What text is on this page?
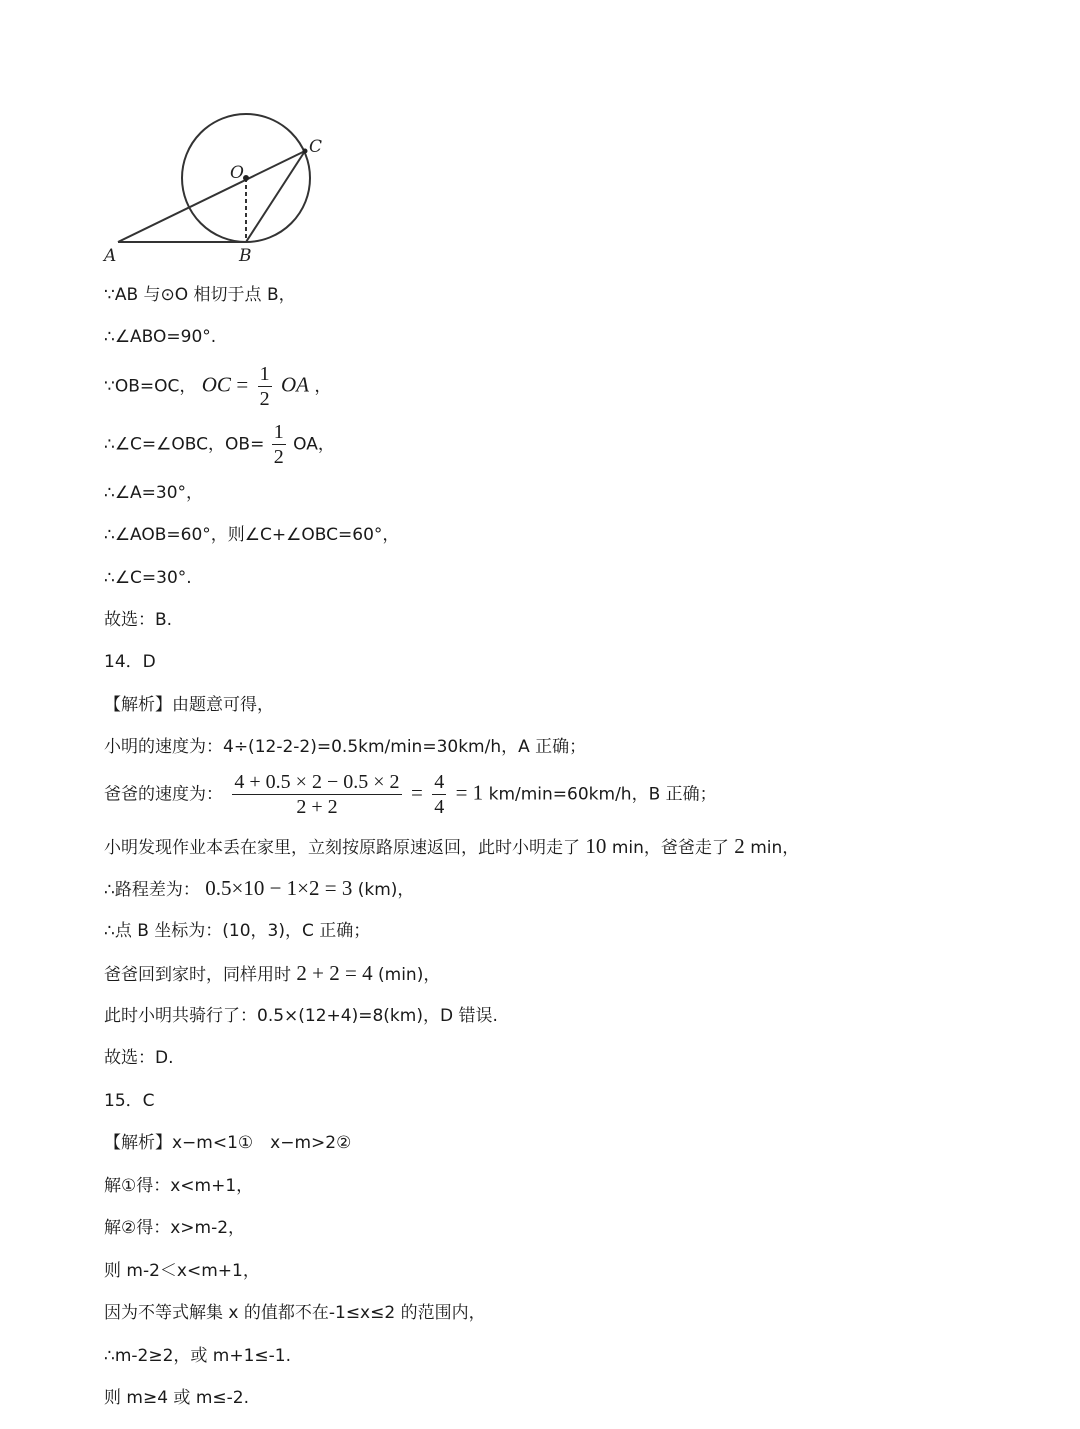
O
C
A	B
∵AB 与⊙O 相切于点 B，
∴∠ABO=90°.
∵OB=OC， OC = $\frac{1}{2}$ OA ，
∴∠C=∠OBC，$OB= \frac{1}{2}$ OA，
∴∠A=30°，
∴∠AOB=60°，则∠C+∠OBC=60°，
∴∠C=30°.
故选：B.
14．D
【解析】由题意可得，
小明的速度为：4÷(12-2-2)=0.5km/min=30km/h，A 正确；
爸爸的速度为： $\frac{4 + 0.5 \times 2 - 0.5 \times 2}{2 + 2} = \frac{4}{4} = 1$ km/min=60km/h，B 正确；
小明发现作业本丢在家里，立刻按原路原速返回，此时小明走了 10 min，爸爸走了 2 min，
∴路程差为： 0.5×10 − 1×2 = 3 (km)，
∴点 B 坐标为：(10，3)，C 正确；
爸爸回到家时，同样用时 2 + 2 = 4 (min)，
此时小明共骑行了：0.5×(12+4)=8(km)，D 错误.
故选：D.
15．C
【解析】x−m<1①　x−m>2②
解①得：x<m+1，
解②得：x>m-2，
则 m-2＜x<m+1，
因为不等式解集 x 的值都不在-1≤x≤2 的范围内，
∴m-2≥2，或 m+1≤-1.
则 m≥4 或 m≤-2.
